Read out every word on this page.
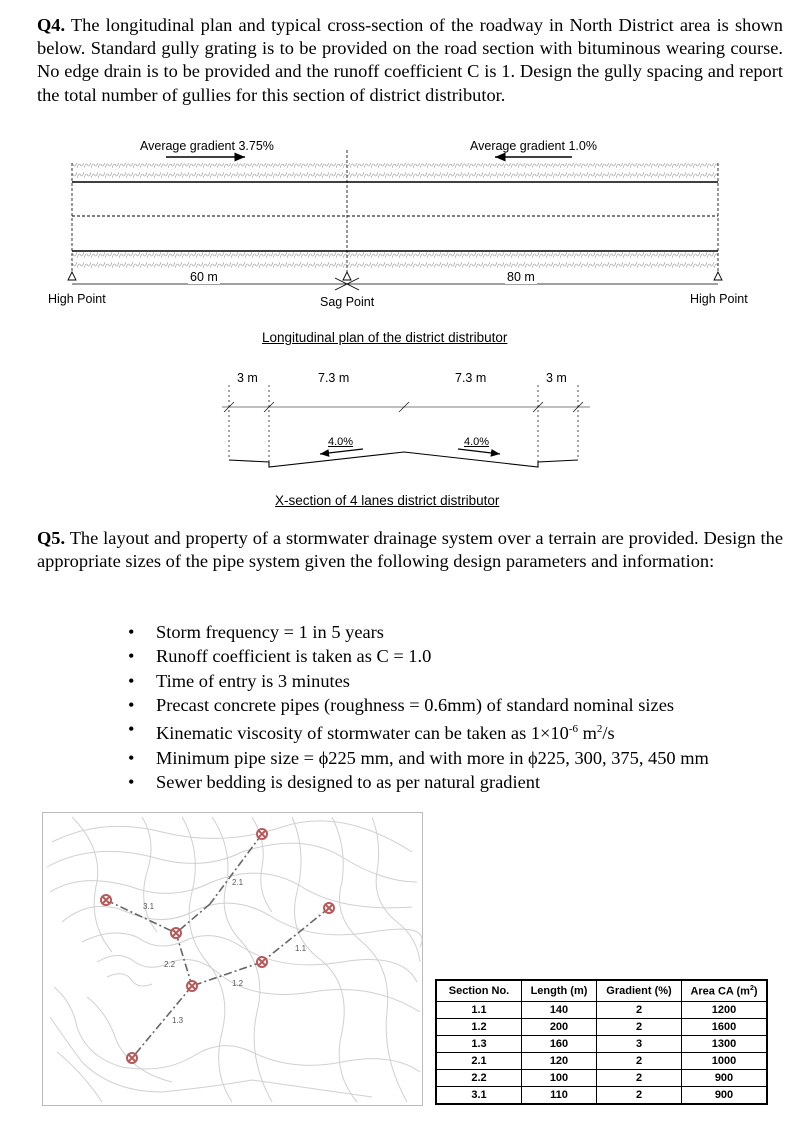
Q4. The longitudinal plan and typical cross-section of the roadway in North District area is shown below. Standard gully grating is to be provided on the road section with bituminous wearing course. No edge drain is to be provided and the runoff coefficient C is 1. Design the gully spacing and report the total number of gullies for this section of district distributor.
Average gradient 3.75%	Average gradient 1.0%
60 m	80 m
High Point	Sag Point	High Point
Longitudinal plan of the district distributor
3 m	7.3 m	7.3 m	3 m
4.0%	4.0%
X-section of 4 lanes district distributor
Q5. The layout and property of a stormwater drainage system over a terrain are provided. Design the appropriate sizes of the pipe system given the following design parameters and information:
• Storm frequency = 1 in 5 years
• Runoff coefficient is taken as C = 1.0
• Time of entry is 3 minutes
• Precast concrete pipes (roughness = 0.6mm) of standard nominal sizes
• Kinematic viscosity of stormwater can be taken as $1\times 10^{-6}$ $m^2/s$
• Minimum pipe size = ϕ225 mm, and with more in ϕ225, 300, 375, 450 mm
• Sewer bedding is designed to as per natural gradient
1.1
1.2
1.3
2.1
2.2
3.1
Section No.	Length (m)	Gradient (%)	Area CA $(m^2)$
1.1	140	2	1200
1.2	200	2	1600
1.3	160	3	1300
2.1	120	2	1000
2.2	100	2	900
3.1	110	2	900
